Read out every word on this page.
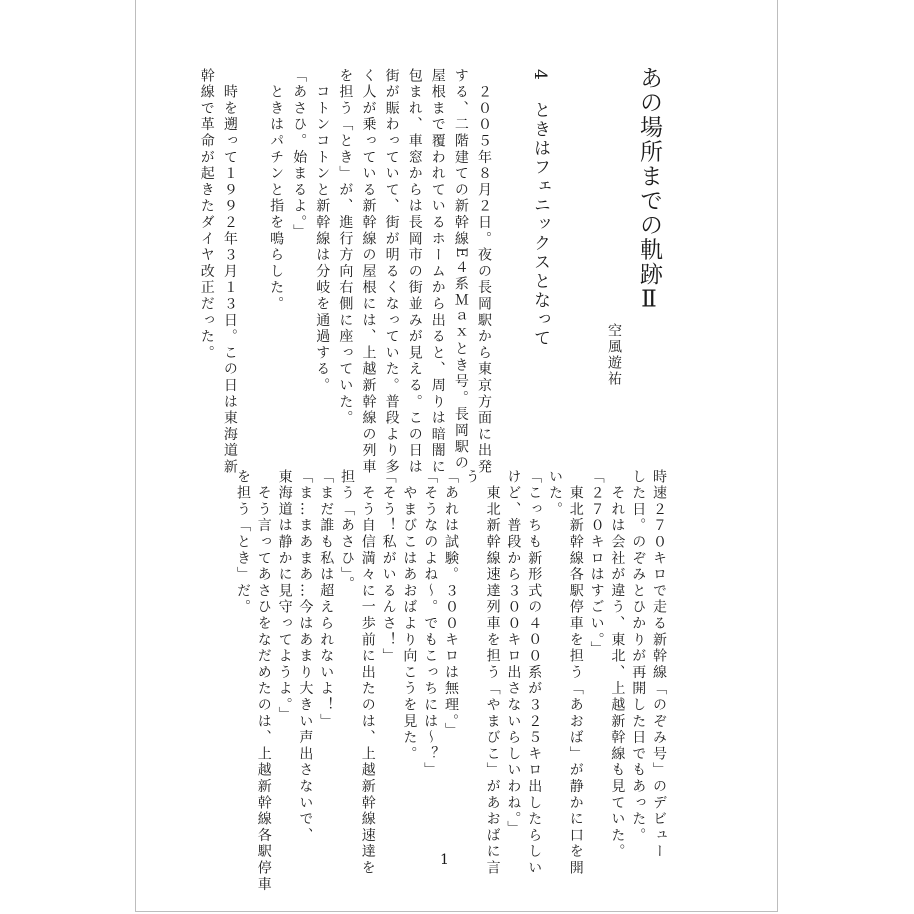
あの場所までの軌跡Ⅱ
空風遊祐
4　ときはフェニックスとなって
　２００５年８月２日。夜の長岡駅から東京方面に出発
する、二階建ての新幹線E４系Ｍａｘとき号。長岡駅の
屋根まで覆われているホームから出ると、周りは暗闇に
包まれ、車窓からは長岡市の街並みが見える。この日は
街が賑わっていて、街が明るくなっていた。普段より多
く人が乗っている新幹線の屋根には、上越新幹線の列車
を担う「とき」が、進行方向右側に座っていた。
　コトンコトンと新幹線は分岐を通過する。
「あさひ。始まるよ。」
　ときはパチンと指を鳴らした。
　時を遡って１９９２年３月１３日。この日は東海道新
幹線で革命が起きたダイヤ改正だった。
時速２７０キロで走る新幹線「のぞみ号」のデビュー
した日。のぞみとひかりが再開した日でもあった。
　それは会社が違う、東北、上越新幹線も見ていた。
「２７０キロはすごい。」
　東北新幹線各駅停車を担う「あおば」が静かに口を開
いた。
「こっちも新形式の４００系が３２５キロ出したらしい
けど、普段から３００キロ出さないらしいわね。」
　東北新幹線速達列車を担う「やまびこ」があおばに言
う
「あれは試験。３００キロは無理。」
「そうなのよね～。でもこっちには～？」
　やまびこはあおばより向こうを見た。
「そう！私がいるんさ！」
　そう自信満々に一歩前に出たのは、上越新幹線速達を
担う「あさひ」。
「まだ誰も私は超えられないよ！」
「ま…まあまあ…今はあまり大きい声出さないで、
東海道は静かに見守ってようよ。」
　そう言ってあさひをなだめたのは、上越新幹線各駅停車
を担う「とき」だ。
1
